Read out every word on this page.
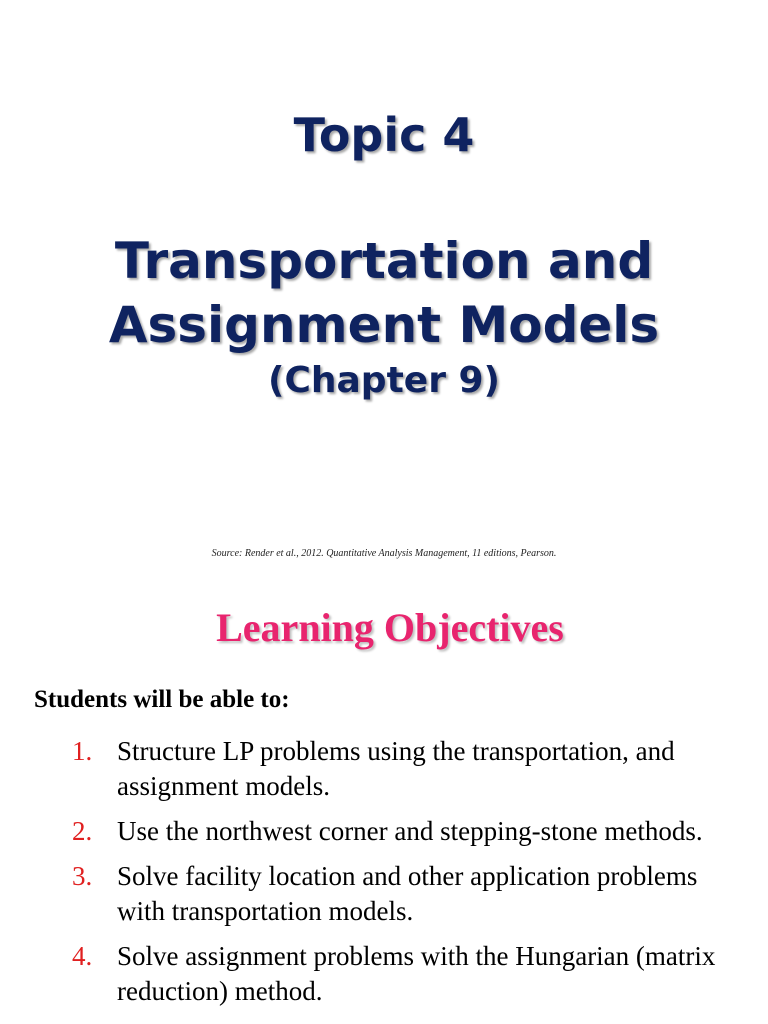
Topic 4
Transportation and
Assignment Models
(Chapter 9)
Source: Render et al., 2012. Quantitative Analysis Management, 11 editions, Pearson.
Learning Objectives
Students will be able to:
1. Structure LP problems using the transportation, and assignment models.
2. Use the northwest corner and stepping-stone methods.
3. Solve facility location and other application problems with transportation models.
4. Solve assignment problems with the Hungarian (matrix reduction) method.
